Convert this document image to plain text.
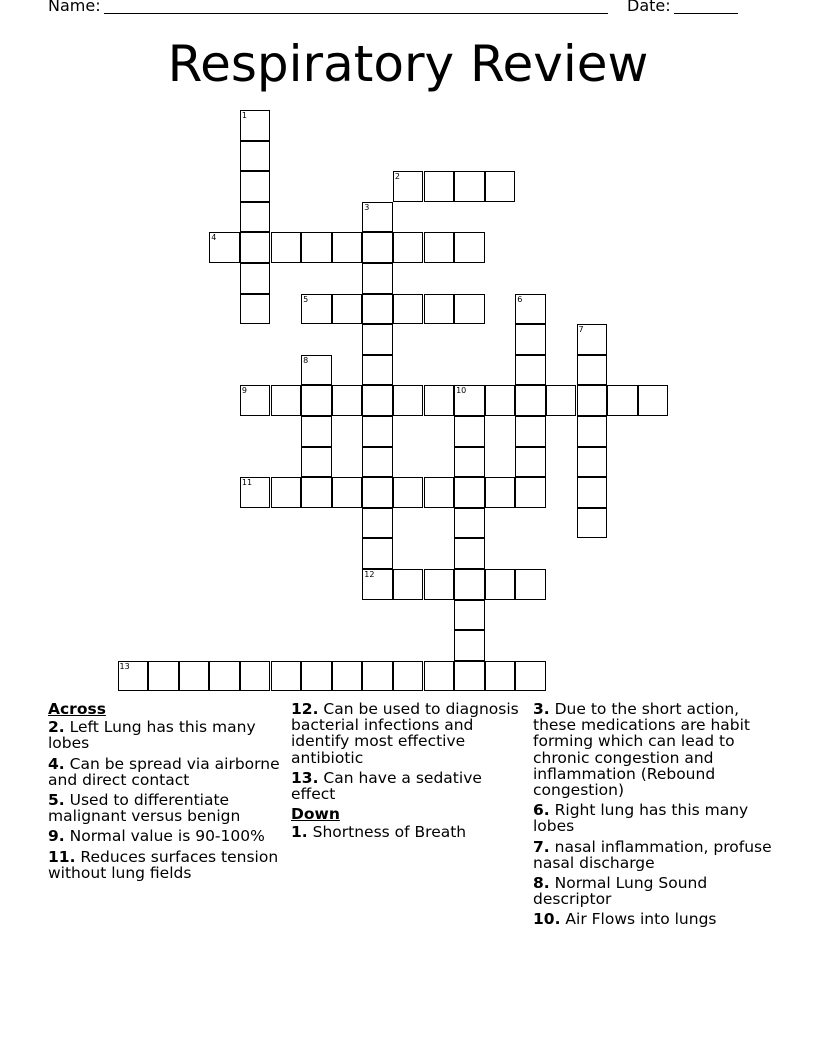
Name:	Date:
Respiratory Review
1
2
3
12
4
5	6
7
8
9	10
11
13
Across
2. Left Lung has this many lobes
4. Can be spread via airborne and direct contact
5. Used to differentiate malignant versus benign
9. Normal value is 90-100%
11. Reduces surfaces tension without lung fields
12. Can be used to diagnosis bacterial infections and identify most effective antibiotic
13. Can have a sedative effect
Down
1. Shortness of Breath
3. Due to the short action, these medications are habit forming which can lead to chronic congestion and inflammation (Rebound congestion)
6. Right lung has this many lobes
7. nasal inflammation, profuse nasal discharge
8. Normal Lung Sound descriptor
10. Air Flows into lungs
